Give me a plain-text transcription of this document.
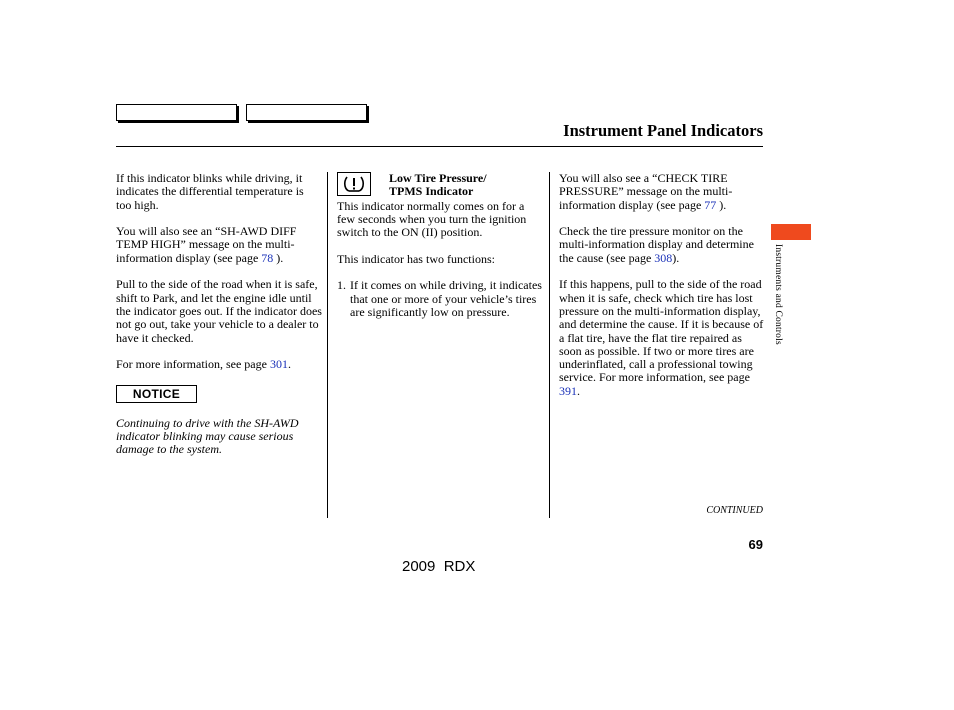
Instrument Panel Indicators

If this indicator blinks while driving, it indicates the differential temperature is too high.

You will also see an “SH-AWD DIFF TEMP HIGH” message on the multi-information display (see page 78 ).

Pull to the side of the road when it is safe, shift to Park, and let the engine idle until the indicator goes out. If the indicator does not go out, take your vehicle to a dealer to have it checked.

For more information, see page 301.

NOTICE

Continuing to drive with the SH-AWD indicator blinking may cause serious damage to the system.

Low Tire Pressure/
TPMS Indicator

This indicator normally comes on for a few seconds when you turn the ignition switch to the ON (II) position.

This indicator has two functions:

1. If it comes on while driving, it indicates that one or more of your vehicle’s tires are significantly low on pressure.

You will also see a “CHECK TIRE PRESSURE” message on the multi-information display (see page 77 ).

Check the tire pressure monitor on the multi-information display and determine the cause (see page 308).

If this happens, pull to the side of the road when it is safe, check which tire has lost pressure on the multi-information display, and determine the cause. If it is because of a flat tire, have the flat tire repaired as soon as possible. If two or more tires are underinflated, call a professional towing service. For more information, see page 391.

Instruments and Controls
CONTINUED
69
2009  RDX
